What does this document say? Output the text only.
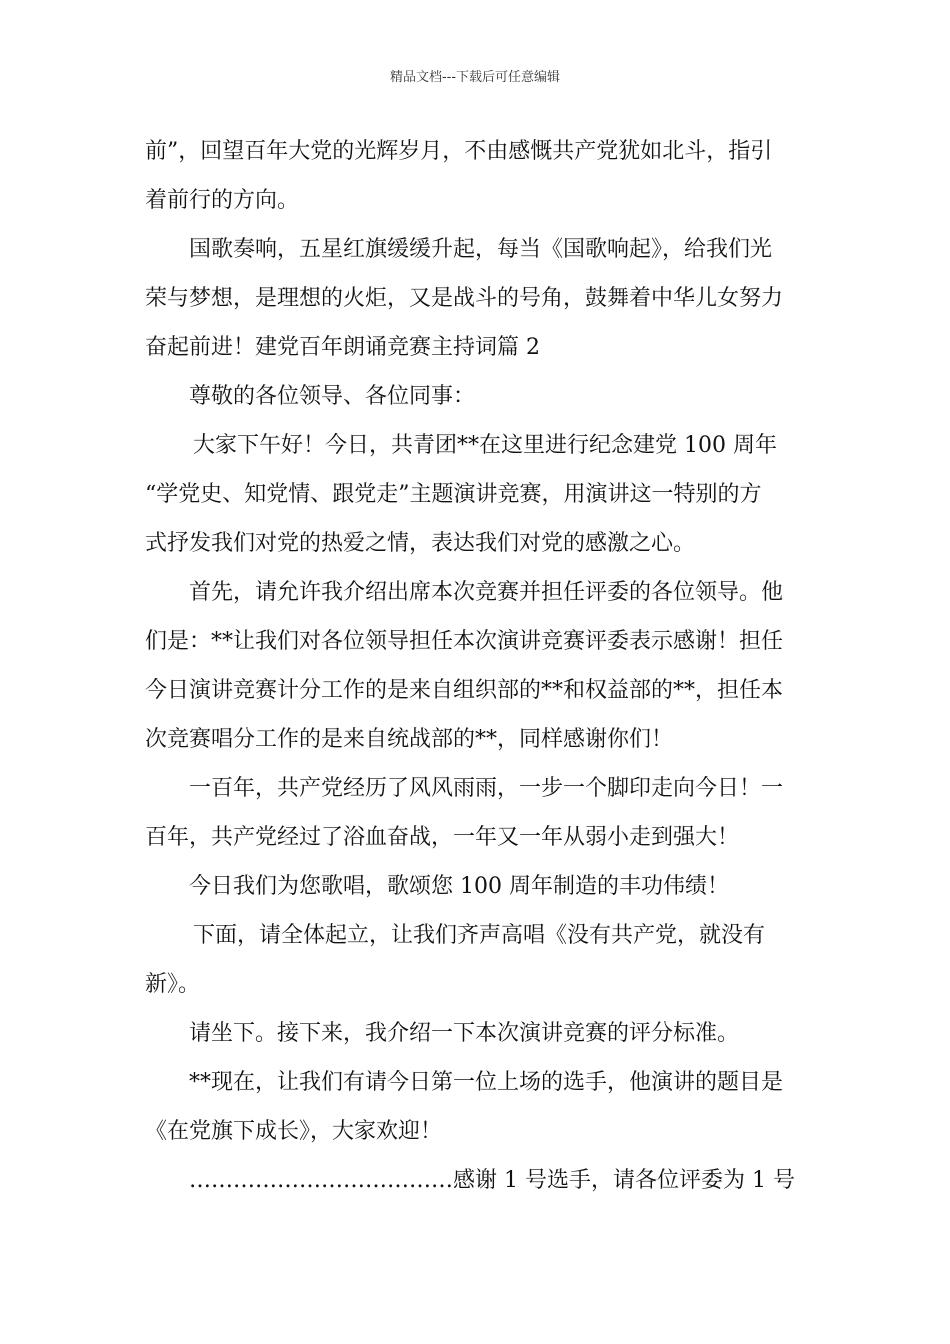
精品文档---下载后可任意编辑

前”，回望百年大党的光辉岁月，不由感慨共产党犹如北斗，指引

着前行的方向。

国歌奏响，五星红旗缓缓升起，每当《国歌响起》，给我们光

荣与梦想，是理想的火炬，又是战斗的号角，鼓舞着中华儿女努力

奋起前进！建党百年朗诵竞赛主持词篇 2

尊敬的各位领导、各位同事：

大家下午好！今日，共青团**在这里进行纪念建党 100 周年

“学党史、知党情、跟党走”主题演讲竞赛，用演讲这一特别的方

式抒发我们对党的热爱之情，表达我们对党的感激之心。

首先，请允许我介绍出席本次竞赛并担任评委的各位领导。他

们是：**让我们对各位领导担任本次演讲竞赛评委表示感谢！担任

今日演讲竞赛计分工作的是来自组织部的**和权益部的**，担任本

次竞赛唱分工作的是来自统战部的**，同样感谢你们！

一百年，共产党经历了风风雨雨，一步一个脚印走向今日！一

百年，共产党经过了浴血奋战，一年又一年从弱小走到强大！

今日我们为您歌唱，歌颂您 100 周年制造的丰功伟绩！

下面，请全体起立，让我们齐声高唱《没有共产党，就没有

新》。

请坐下。接下来，我介绍一下本次演讲竞赛的评分标准。

**现在，让我们有请今日第一位上场的选手，他演讲的题目是

《在党旗下成长》，大家欢迎！

………………………………感谢 1 号选手，请各位评委为 1 号
